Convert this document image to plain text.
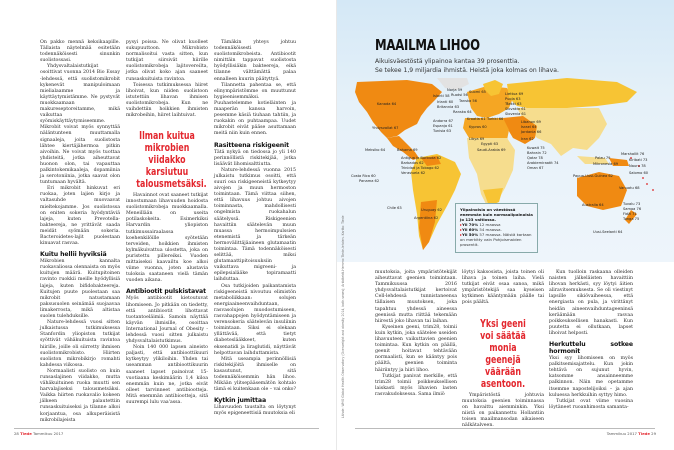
On pakko mennä keksikaapille. Tällaista näytelmää esitetään todennäköisesti sinunkin suolistossasi.

Yhdysvaltalaistutkijat osoittivat vuonna 2014 Bio Essay -lehdessä, että suolistomikrobit kykenevät manipuloimaan mielialaamme ja käyttäytymistämme. Ne pystyvät muokkaamaan makureseptoreitamme, mikä vaikuttaa syömiskäyttäytymiseemme. Mikrobit voivat myös synnyttää näläntunteen muuttamalla signaaleja, joita suolistosta lähtee kiertäjähermoa pitkin aivoihin. Ne voivat myös tuottaa yhdisteitä, jotka aiheuttavat huonon olon, tai vapauttaa palkintokemikaaleja, dopamiinia ja serotoniinia, jotka saavat olon tuntumaan hyvältä.

Eri mikrobit hinkuvat eri ruokaa, joten lajien kirjo ja valtasuhde muovaavat mieltekojamme. Jos suolistossa on eniten sokeria hyödyntäviä lajeja, kuten Prevotella-bakteereja, ne yrittävät saada meidät syömään sokeria. Bacteroidetes-lajit puolestaan kinuavat rasvaa.

Kuitu hellii hyviksiä

Mikrobien kannalta ruokavaliossa olennaista on myös kuitujen määrä. Kuitupitoinen ravinto ruokkii meille hyödyllisiä lajeja, kuten bifidobakteereja. Kuitujen puute puolestaan saa mikrobit natustamaan paksusuolen seinämää suojaavaa limakerrosta, mikä altistaa suolen tulehduksille.

Nature-lehdessä vuosi sitten julkaistussa tutkimuksessa Stanfordin yliopiston tutkijat syöttivät vähäkuituista ravintoa hiirille, joille oli siirretty ihmisen suolistomikrobisto. Hiirten suoliston mikrobikirjo romahti kahdessa viikossa.

Normaalisti suolisto on kuin runsaslajinen viidakko, mutta vähäkuituinen ruoka muutti sen harvalajiseksi talousmetsäksi. Vaikka hiirten ruokavalio kokeen jälkeen palautettiin runsaskuituiseksi ja tilanne alkoi korjaantua, osa alkuperäisistä mikrobilajeista

pysyi poissa. Ne olivat kuolleet sukupuuttoon. Mikrobisto normalisoitui vasta sitten, kun tutkijat siirsivät hiirille suolistomikrobeja lajitovereilta, jotka olivat koko ajan saaneet runsaskuituista ravintoa.

Toisessa tutkimuksessa hiiret lihoivat, kun niiden suolistoon istutettiin lihavan ihmisen suolistomikrobeja. Kun ne vaihdettiin hoikkien ihmisten mikrobeihin, hiiret laihtuivat.

Ilman kuitua
mikrobien viidakko
karsiutuu
talousmetsäksi.

Havainnot ovat saaneet tutkijat innostumaan lihavuuden hoidosta suolistomikrobeja muokkaamalla. Meneillään on useita potilaskokeita. Esimerkiksi Harvardin yliopiston tutkimussairaalassa koehenkilöille syötetään terveiden, hoikkien ihmisten kylmäkuivattua ulostetta, joka on puristettu pillereiksi. Vuoden mittaiseksi kaavailtu koe alkoi viime vuonna, joten alustavia tuloksia saataneen vielä tämän vuoden aikana.

Antibiootit pulskistavat

Myös antibiootit kietoutuvat lihomiseen. Jo pitkään on tiedetty, että antibiootit lihottavat tuotantoeläimiä. Samoin näyttää käyvän ihmisille, osoittaa International Journal of Obesity -lehdessä vuosi sitten julkaistu yhdysvaltalaistutkimus.

Noin 140 000 lapsen aineisto paljasti, että antibioottikuuri kytkeytyy ylikiloihin. Yhden tai useamman antibioottikuurin saaneet lapset painoivat 15-vuotiaana keskimäärin 1,4 kiloa enemmän kuin ne, jotka eivät olleet tarvinneet antibiootteja. Mitä enemmän antibiootteja, sitä suurempi lulu vaa'assa.

Tämäkin yhteys johtuu todennäköisesti suolistomikrobeista. Antibiootit nimittäin tappavat suolistosta hyödyllisiäkin bakteereja, eikä tilanne välttämättä palaa ennalleen kuurin päätyttyä.

Tilannetta pahentaa se, että elinympäristömme on muuttunut hygieenisemmäksi. Puuhastelemme kotieläinten ja maaperän kanssa harvoin, pesemme käsiä tiuhaan tahtiin, ja ruokakin on puhtaampaa. Uudet mikrobit eivät pääse asuttamaan meitä niin kuin ennen.

Rasitteena riskigeenit

Tätä nykyä on tiedossa jo yli 140 perinnöllistä riskitekijää, jotka lisäävät lihomisalttiutta.

Nature-lehdessä vuonna 2015 julkaistu tutkimus osoitti, että suuri osa riskigeeneistä kytkeytyy aivojen ja muun hermoston toimintaan. Tämä viittaa siihen, että lihavuus johtuu aivojen toiminnasta, mahdollisesti ongelmista ruokahalun säätelyssä. Riskigeenien havaittiin säätelevän muun muassa hermoimpulssien etenemistä ja tärkeän hermovälittäjäaineen glutamaatin toimintaa. Tämä todennäköisesti selittää, miksi glutamaattipitoisuuksiin vaikuttava migreeni- ja epilepsialääke topiramaatti laihduttaa.

Osa tutkijoiden paikantamista riskigeeneistä nivoutuu elimistön metaboliikkaan: solujen energiaaineenvaihduntaan, rasvasolujen muodostumiseen, rasvahappojen hyödyntämiseen ja verensokeria säätelevän insuliinin toimintaan. Siksi ei olekaan yllättävää, että tietyt diabeteslääkkeet, kuten eksenatidi ja liraglutidi, näyttävät helpottavan laihduttamista.

Mitä useampia perinnöllisiä riskitekijöitä ihmiselle on kasautunut, sitä todennäköisemmin hän lihoo. Mikään ylitsepääsemätön kohtalo tämä ei kuitenkaan ole – vai onko?

Kytkin jumittaa

Lihavuuden taustalta on löytynyt myös epigeneettisiä muutoksia eli

28 Tiede Tammikuu 2017
MAAILMA LIHOO
Aikuisväestöstä ylipainoa kantaa 39 prosenttia.
Se tekee 1,9 miljardia ihmistä. Heistä joka kolmas on lihava.
Kanada 64
Yhdysvallat 67
Meksiko 64	Bahama 69
Antigua ja Barbuda 62
Barbados 62
Trinidad ja Tobago 62
Venezuela 62
Costa Rica 60
Panama 62
Chile 63	Uruguay 62
Argentiina 62
Islanti 58
Norja 59
Ruotsi 56
Suomi 65
Irlanti 60
Britannia 63
Tanska 56
Ranska 64
Andorra 67
Espanja 61
Tunisia 63
Kroatia 61
Kypros 60
Turkki 66
Libya 69
Egypti 63
Saudi-Arabia 69
Liettua 69
Puola 63
Tšekki 63
Slovakia 61
Slovenia 61
Libanon 69
Israel 64
Jordania 66
Iran 62
Kuwait 75
Bahrain 72
Qatar 78
Arabiemiraatit 74
Oman 67
Palau 79
Mikronesia 69
Papua-Uusi-Guinea 62
Marshallit 76
Kiribati 73
Nauru 78
Salomo 60
Vanuatu 68
Australia 64	Tuvalu 73
Samoa 76
Fidži 71
Tonga 75
Uusi-Seelanti 64
Ylipainoisia on väestössä enemmän kuin normaalipainoisia jo 123 valtiossa.
▸Yli 70% 12 maassa
▸Yli 60% 54 maassa.
▸Yli 50% 57 maassa. Näistä kartaan on merkitty vain Pohjoismaiden prosentit.
Lähde: WHO Global Health Observatory (Overweight and obesity 2014, both sexes); Arkkitehti-Hemmo Tiede-lehden. Kartta: Tiede	muutoksia, joita ympäristötekijät aiheuttavat geenien toimintaan. Tammikuussa 2016 yhdysvaltalaistutkijat kertoivat Cell-lehdessä tunnistaneensa tällaisen muutoksen, joka tapahtuu yhdessä aineessa geenissä mutta riittää tekemään hiirestä joko lihavan tai laihan.

Kyseinen geeni, trim28, toimii kuin kytkin, joka säätelee useiden lihavuuteen vaikuttavien geenien toimintaa. Kun kytkin on päällä, geenit hoitavat tehtävään normaalisti, kun se kääntyy pois päältä, geenien toiminta häiriintyy ja hiiri lihoo.

Tutkijat panivat merkille, että trim28 toimii poikkeuksellisen laiskasti myös lihavien lasten rasvakudoksessa. Sama ilmiö

löytyi kaksosista, joista toinen oli lihava ja toinen laiha. Vielä tutkijat eivät osaa sanoa, mikä ympäristötekijä saa kyseisen kytkimen kääntymään päälle tai pois päältä.

Yksi geeni
voi säätää monia
geenejä väärään
asentoon.

Ympäristöstä johtuvia muutoksia geenien toiminnassa on havaittu aiemminkin. Yksi niistä on paikannettu Hollantiin toisen maailmansodan aikaiseen nälkätalveen.

Kun tuolloin raskaana olleiden naisten jälkeläisten havaittiin lihovan herkästi, syy löytyi äitien aliravitsemuksesta. Se oli viestinyt lapsille sikiövaiheessa, että energiasta on pula, ja virittänyt heidän aineenvaihduntageeninsä keräämään rasvaa poikkeuksellisen hanakasti. Kun puutetta ei ollutkaan, lapset lihoivat helposti.

Herkuttelu sotkee hormonit

Yksi syy lihomiseen on myös palkitsemisajattelu. Kun jokin tehtävä on sujunut hyvin, katsomme ansainneemme palkinnon. Näin me opetamme itsemme napostelijoiksi – ja ajan kuluessa herkkuihin syttyy himo.

Tutkijat ovat viime vuosina löytäneet ruoanhimosta samanta-

Tammikuu 2017 Tiede 29
